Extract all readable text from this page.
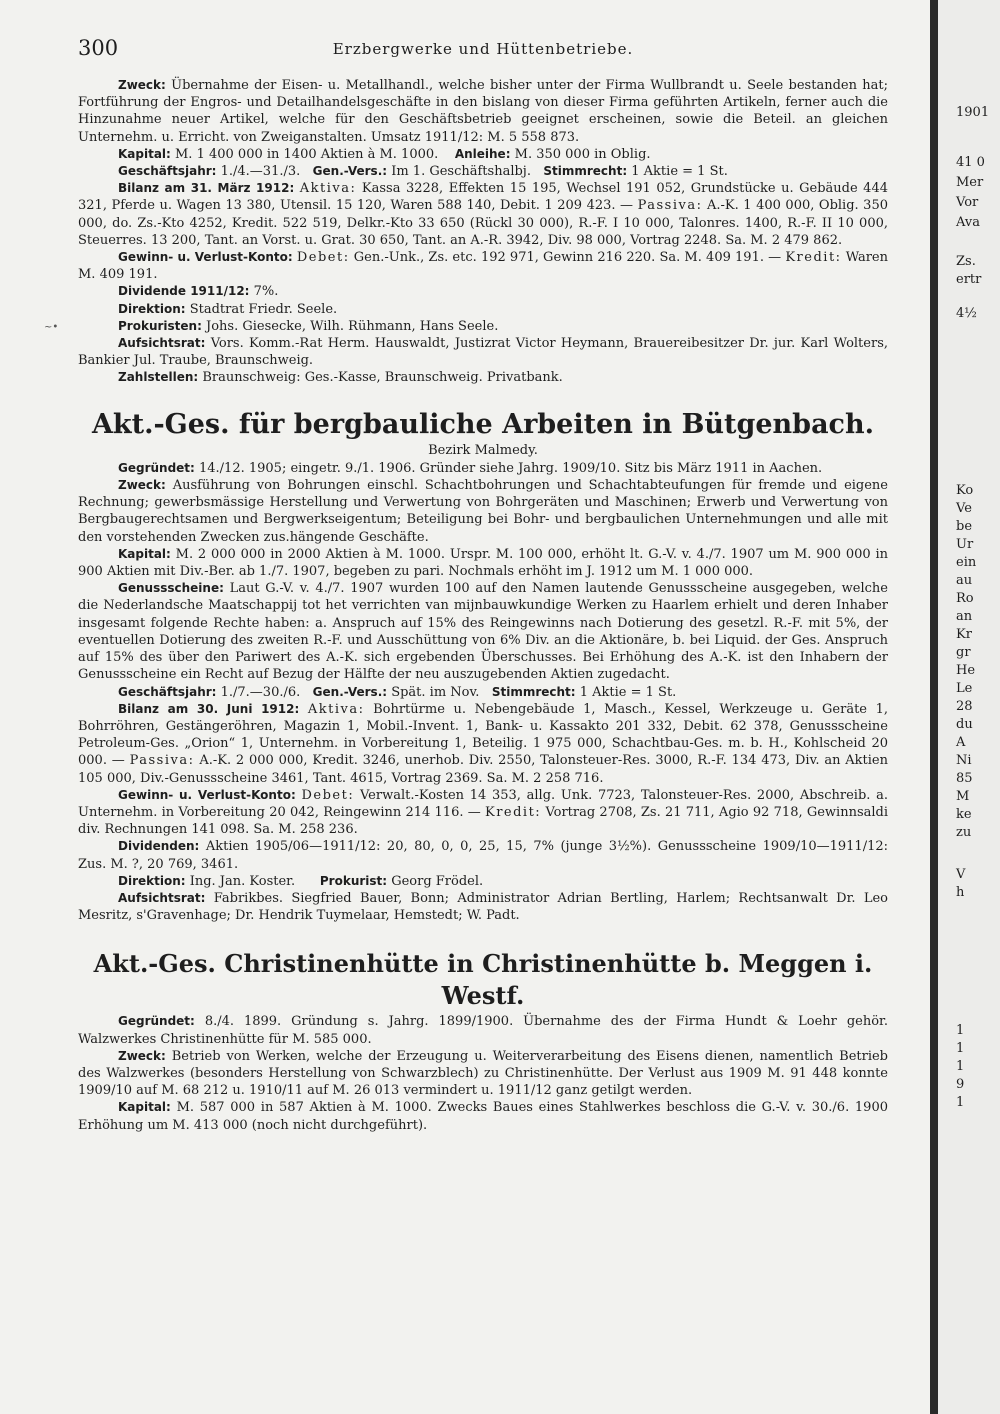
300	Erzbergwerke und Hüttenbetriebe.
~•

Zweck: Übernahme der Eisen- u. Metallhandl., welche bisher unter der Firma Wullbrandt u. Seele bestanden hat; Fortführung der Engros- und Detailhandelsgeschäfte in den bislang von dieser Firma geführten Artikeln, ferner auch die Hinzunahme neuer Artikel, welche für den Geschäftsbetrieb geeignet erscheinen, sowie die Beteil. an gleichen Unternehm. u. Erricht. von Zweiganstalten. Umsatz 1911/12: M. 5 558 873.

Kapital: M. 1 400 000 in 1400 Aktien à M. 1000. Anleihe: M. 350 000 in Oblig.

Geschäftsjahr: 1./4.—31./3. Gen.-Vers.: Im 1. Geschäftshalbj. Stimmrecht: 1 Aktie = 1 St.

Bilanz am 31. März 1912: Aktiva: Kassa 3228, Effekten 15 195, Wechsel 191 052, Grundstücke u. Gebäude 444 321, Pferde u. Wagen 13 380, Utensil. 15 120, Waren 588 140, Debit. 1 209 423. — Passiva: A.-K. 1 400 000, Oblig. 350 000, do. Zs.-Kto 4252, Kredit. 522 519, Delkr.-Kto 33 650 (Rückl 30 000), R.-F. I 10 000, Talonres. 1400, R.-F. II 10 000, Steuerres. 13 200, Tant. an Vorst. u. Grat. 30 650, Tant. an A.-R. 3942, Div. 98 000, Vortrag 2248. Sa. M. 2 479 862.

Gewinn- u. Verlust-Konto: Debet: Gen.-Unk., Zs. etc. 192 971, Gewinn 216 220. Sa. M. 409 191. — Kredit: Waren M. 409 191.

Dividende 1911/12: 7%.

Direktion: Stadtrat Friedr. Seele.

Prokuristen: Johs. Giesecke, Wilh. Rühmann, Hans Seele.

Aufsichtsrat: Vors. Komm.-Rat Herm. Hauswaldt, Justizrat Victor Heymann, Brauereibesitzer Dr. jur. Karl Wolters, Bankier Jul. Traube, Braunschweig.

Zahlstellen: Braunschweig: Ges.-Kasse, Braunschweig. Privatbank.

Akt.-Ges. für bergbauliche Arbeiten in Bütgenbach.
Bezirk Malmedy.

Gegründet: 14./12. 1905; eingetr. 9./1. 1906. Gründer siehe Jahrg. 1909/10. Sitz bis März 1911 in Aachen.

Zweck: Ausführung von Bohrungen einschl. Schachtbohrungen und Schachtabteufungen für fremde und eigene Rechnung; gewerbsmässige Herstellung und Verwertung von Bohrgeräten und Maschinen; Erwerb und Verwertung von Bergbaugerechtsamen und Bergwerkseigentum; Beteiligung bei Bohr- und bergbaulichen Unternehmungen und alle mit den vorstehenden Zwecken zus.hängende Geschäfte.

Kapital: M. 2 000 000 in 2000 Aktien à M. 1000. Urspr. M. 100 000, erhöht lt. G.-V. v. 4./7. 1907 um M. 900 000 in 900 Aktien mit Div.-Ber. ab 1./7. 1907, begeben zu pari. Nochmals erhöht im J. 1912 um M. 1 000 000.

Genussscheine: Laut G.-V. v. 4./7. 1907 wurden 100 auf den Namen lautende Genussscheine ausgegeben, welche die Nederlandsche Maatschappij tot het verrichten van mijnbauwkundige Werken zu Haarlem erhielt und deren Inhaber insgesamt folgende Rechte haben: a. Anspruch auf 15% des Reingewinns nach Dotierung des gesetzl. R.-F. mit 5%, der eventuellen Dotierung des zweiten R.-F. und Ausschüttung von 6% Div. an die Aktionäre, b. bei Liquid. der Ges. Anspruch auf 15% des über den Pariwert des A.-K. sich ergebenden Überschusses. Bei Erhöhung des A.-K. ist den Inhabern der Genussscheine ein Recht auf Bezug der Hälfte der neu auszugebenden Aktien zugedacht.

Geschäftsjahr: 1./7.—30./6. Gen.-Vers.: Spät. im Nov. Stimmrecht: 1 Aktie = 1 St.

Bilanz am 30. Juni 1912: Aktiva: Bohrtürme u. Nebengebäude 1, Masch., Kessel, Werkzeuge u. Geräte 1, Bohrröhren, Gestängeröhren, Magazin 1, Mobil.-Invent. 1, Bank- u. Kassakto 201 332, Debit. 62 378, Genussscheine Petroleum-Ges. „Orion“ 1, Unternehm. in Vorbereitung 1, Beteilig. 1 975 000, Schachtbau-Ges. m. b. H., Kohlscheid 20 000. — Passiva: A.-K. 2 000 000, Kredit. 3246, unerhob. Div. 2550, Talonsteuer-Res. 3000, R.-F. 134 473, Div. an Aktien 105 000, Div.-Genussscheine 3461, Tant. 4615, Vortrag 2369. Sa. M. 2 258 716.

Gewinn- u. Verlust-Konto: Debet: Verwalt.-Kosten 14 353, allg. Unk. 7723, Talonsteuer-Res. 2000, Abschreib. a. Unternehm. in Vorbereitung 20 042, Reingewinn 214 116. — Kredit: Vortrag 2708, Zs. 21 711, Agio 92 718, Gewinnsaldi div. Rechnungen 141 098. Sa. M. 258 236.

Dividenden: Aktien 1905/06—1911/12: 20, 80, 0, 0, 25, 15, 7% (junge 3½%). Genussscheine 1909/10—1911/12: Zus. M. ?, 20 769, 3461.

Direktion: Ing. Jan. Koster. Prokurist: Georg Frödel.

Aufsichtsrat: Fabrikbes. Siegfried Bauer, Bonn; Administrator Adrian Bertling, Harlem; Rechtsanwalt Dr. Leo Mesritz, s'Gravenhage; Dr. Hendrik Tuymelaar, Hemstedt; W. Padt.

Akt.-Ges. Christinenhütte in Christinenhütte b. Meggen i. Westf.

Gegründet: 8./4. 1899. Gründung s. Jahrg. 1899/1900. Übernahme des der Firma Hundt & Loehr gehör. Walzwerkes Christinenhütte für M. 585 000.

Zweck: Betrieb von Werken, welche der Erzeugung u. Weiterverarbeitung des Eisens dienen, namentlich Betrieb des Walzwerkes (besonders Herstellung von Schwarzblech) zu Christinenhütte. Der Verlust aus 1909 M. 91 448 konnte 1909/10 auf M. 68 212 u. 1910/11 auf M. 26 013 vermindert u. 1911/12 ganz getilgt werden.

Kapital: M. 587 000 in 587 Aktien à M. 1000. Zwecks Baues eines Stahlwerkes beschloss die G.-V. v. 30./6. 1900 Erhöhung um M. 413 000 (noch nicht durchgeführt).

1901
41 0
Mer
Vor
Ava
Zs.
ertr
4½
Ko
Ve
be
Ur
ein
au
Ro
an
Kr
gr
He
Le
28
du
A
Ni
85
M
ke
zu
V
h
1
1
1
9
1
